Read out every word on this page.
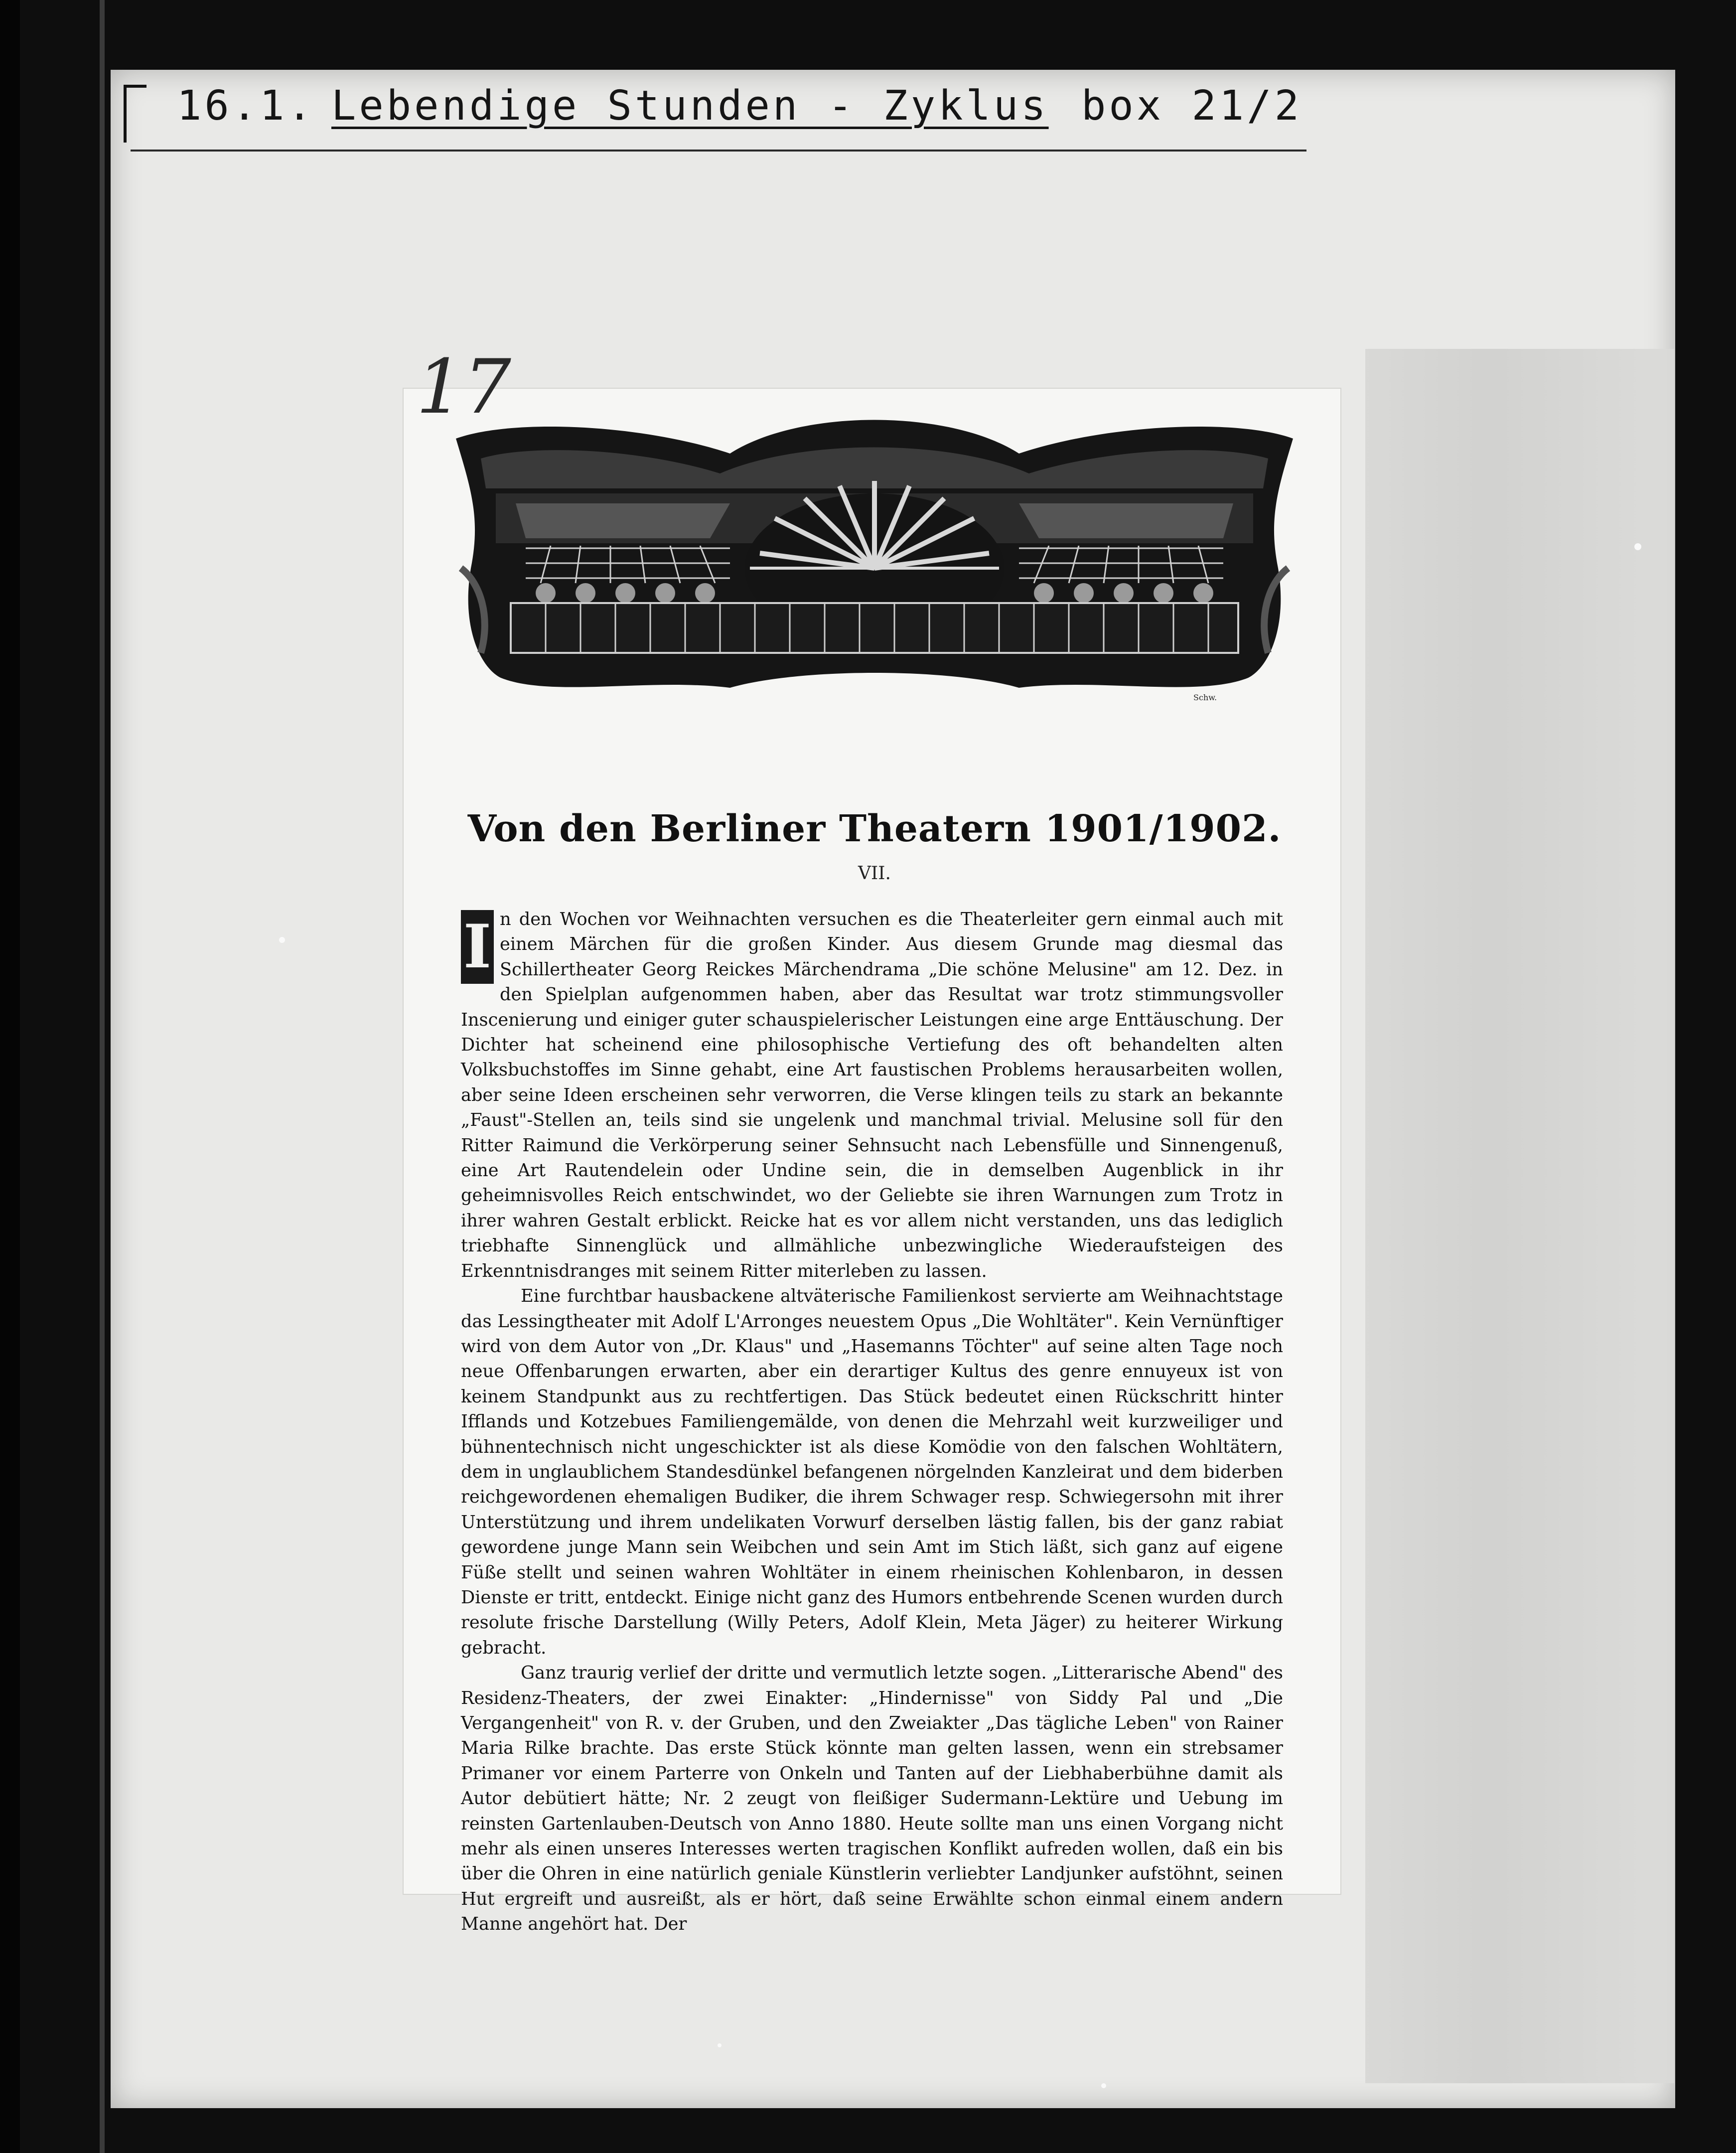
16.1. Lebendige Stunden - Zyklus box 21/2
17
Schw.
Von den Berliner Theatern 1901/1902.
VII.

I n den Wochen vor Weihnachten versuchen es die Theaterleiter gern einmal auch mit einem Märchen für die großen Kinder. Aus diesem Grunde mag diesmal das Schillertheater Georg Reickes Märchendrama „Die schöne Melusine" am 12. Dez. in den Spielplan aufgenommen haben, aber das Resultat war trotz stimmungsvoller Inscenierung und einiger guter schauspielerischer Leistungen eine arge Enttäuschung. Der Dichter hat scheinend eine philosophische Vertiefung des oft behandelten alten Volksbuchstoffes im Sinne gehabt, eine Art faustischen Problems herausarbeiten wollen, aber seine Ideen erscheinen sehr verworren, die Verse klingen teils zu stark an bekannte „Faust"-Stellen an, teils sind sie ungelenk und manchmal trivial. Melusine soll für den Ritter Raimund die Verkörperung seiner Sehnsucht nach Lebensfülle und Sinnengenuß, eine Art Rautendelein oder Undine sein, die in demselben Augenblick in ihr geheimnisvolles Reich entschwindet, wo der Geliebte sie ihren Warnungen zum Trotz in ihrer wahren Gestalt erblickt. Reicke hat es vor allem nicht verstanden, uns das lediglich triebhafte Sinnenglück und allmähliche unbezwingliche Wiederaufsteigen des Erkenntnisdranges mit seinem Ritter miterleben zu lassen.

Eine furchtbar hausbackene altväterische Familienkost servierte am Weihnachtstage das Lessingtheater mit Adolf L'Arronges neuestem Opus „Die Wohltäter". Kein Vernünftiger wird von dem Autor von „Dr. Klaus" und „Hasemanns Töchter" auf seine alten Tage noch neue Offenbarungen erwarten, aber ein derartiger Kultus des genre ennuyeux ist von keinem Standpunkt aus zu rechtfertigen. Das Stück bedeutet einen Rückschritt hinter Ifflands und Kotzebues Familiengemälde, von denen die Mehrzahl weit kurzweiliger und bühnentechnisch nicht ungeschickter ist als diese Komödie von den falschen Wohltätern, dem in unglaublichem Standesdünkel befangenen nörgelnden Kanzleirat und dem biderben reichgewordenen ehemaligen Budiker, die ihrem Schwager resp. Schwiegersohn mit ihrer Unterstützung und ihrem undelikaten Vorwurf derselben lästig fallen, bis der ganz rabiat gewordene junge Mann sein Weibchen und sein Amt im Stich läßt, sich ganz auf eigene Füße stellt und seinen wahren Wohltäter in einem rheinischen Kohlenbaron, in dessen Dienste er tritt, entdeckt. Einige nicht ganz des Humors entbehrende Scenen wurden durch resolute frische Darstellung (Willy Peters, Adolf Klein, Meta Jäger) zu heiterer Wirkung gebracht.

Ganz traurig verlief der dritte und vermutlich letzte sogen. „Litterarische Abend" des Residenz-Theaters, der zwei Einakter: „Hindernisse" von Siddy Pal und „Die Vergangenheit" von R. v. der Gruben, und den Zweiakter „Das tägliche Leben" von Rainer Maria Rilke brachte. Das erste Stück könnte man gelten lassen, wenn ein strebsamer Primaner vor einem Parterre von Onkeln und Tanten auf der Liebhaberbühne damit als Autor debütiert hätte; Nr. 2 zeugt von fleißiger Sudermann-Lektüre und Uebung im reinsten Gartenlauben-Deutsch von Anno 1880. Heute sollte man uns einen Vorgang nicht mehr als einen unseres Interesses werten tragischen Konflikt aufreden wollen, daß ein bis über die Ohren in eine natürlich geniale Künstlerin verliebter Landjunker aufstöhnt, seinen Hut ergreift und ausreißt, als er hört, daß seine Erwählte schon einmal einem andern Manne angehört hat. Der
